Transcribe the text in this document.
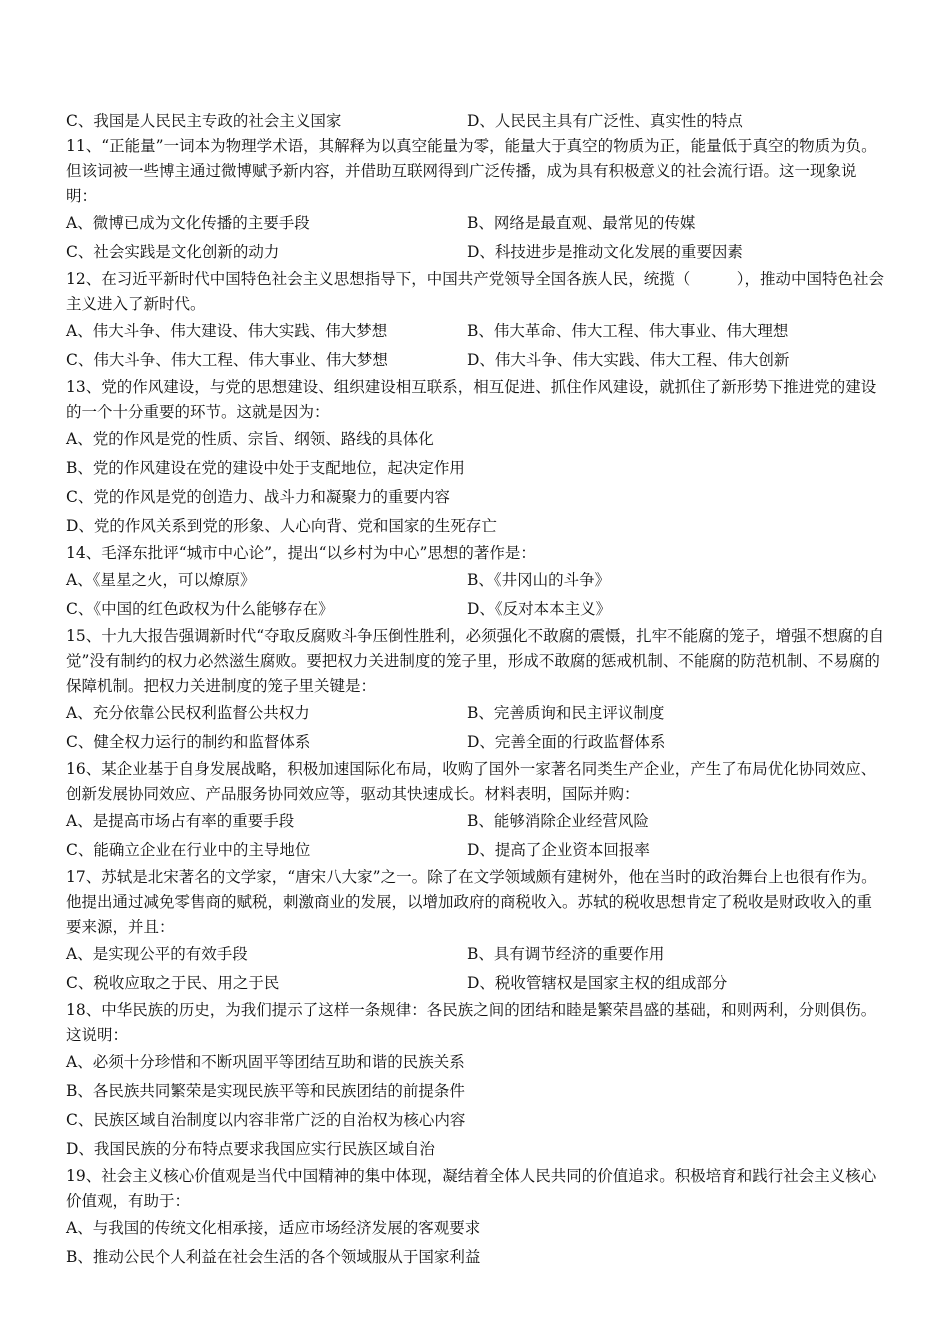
C、我国是人民民主专政的社会主义国家	D、人民民主具有广泛性、真实性的特点

11、“正能量”一词本为物理学术语，其解释为以真空能量为零，能量大于真空的物质为正，能量低于真空的物质为负。但该词被一些博主通过微博赋予新内容，并借助互联网得到广泛传播，成为具有积极意义的社会流行语。这一现象说明：

A、微博已成为文化传播的主要手段	B、网络是最直观、最常见的传媒
C、社会实践是文化创新的动力	D、科技进步是推动文化发展的重要因素

12、在习近平新时代中国特色社会主义思想指导下，中国共产党领导全国各族人民，统揽（　　　），推动中国特色社会主义进入了新时代。

A、伟大斗争、伟大建设、伟大实践、伟大梦想	B、伟大革命、伟大工程、伟大事业、伟大理想
C、伟大斗争、伟大工程、伟大事业、伟大梦想	D、伟大斗争、伟大实践、伟大工程、伟大创新

13、党的作风建设，与党的思想建设、组织建设相互联系，相互促进、抓住作风建设，就抓住了新形势下推进党的建设的一个十分重要的环节。这就是因为：

A、党的作风是党的性质、宗旨、纲领、路线的具体化
B、党的作风建设在党的建设中处于支配地位，起决定作用
C、党的作风是党的创造力、战斗力和凝聚力的重要内容
D、党的作风关系到党的形象、人心向背、党和国家的生死存亡

14、毛泽东批评“城市中心论”，提出“以乡村为中心”思想的著作是：

A、《星星之火，可以燎原》	B、《井冈山的斗争》
C、《中国的红色政权为什么能够存在》	D、《反对本本主义》

15、十九大报告强调新时代“夺取反腐败斗争压倒性胜利，必须强化不敢腐的震慑，扎牢不能腐的笼子，增强不想腐的自觉”没有制约的权力必然滋生腐败。要把权力关进制度的笼子里，形成不敢腐的惩戒机制、不能腐的防范机制、不易腐的保障机制。把权力关进制度的笼子里关键是：

A、充分依靠公民权利监督公共权力	B、完善质询和民主评议制度
C、健全权力运行的制约和监督体系	D、完善全面的行政监督体系

16、某企业基于自身发展战略，积极加速国际化布局，收购了国外一家著名同类生产企业，产生了布局优化协同效应、创新发展协同效应、产品服务协同效应等，驱动其快速成长。材料表明，国际并购：

A、是提高市场占有率的重要手段	B、能够消除企业经营风险
C、能确立企业在行业中的主导地位	D、提高了企业资本回报率

17、苏轼是北宋著名的文学家，“唐宋八大家”之一。除了在文学领域颇有建树外，他在当时的政治舞台上也很有作为。他提出通过减免零售商的赋税，刺激商业的发展，以增加政府的商税收入。苏轼的税收思想肯定了税收是财政收入的重要来源，并且：

A、是实现公平的有效手段	B、具有调节经济的重要作用
C、税收应取之于民、用之于民	D、税收管辖权是国家主权的组成部分

18、中华民族的历史，为我们提示了这样一条规律：各民族之间的团结和睦是繁荣昌盛的基础，和则两利，分则俱伤。这说明：

A、必须十分珍惜和不断巩固平等团结互助和谐的民族关系
B、各民族共同繁荣是实现民族平等和民族团结的前提条件
C、民族区域自治制度以内容非常广泛的自治权为核心内容
D、我国民族的分布特点要求我国应实行民族区域自治

19、社会主义核心价值观是当代中国精神的集中体现，凝结着全体人民共同的价值追求。积极培育和践行社会主义核心价值观，有助于：

A、与我国的传统文化相承接，适应市场经济发展的客观要求
B、推动公民个人利益在社会生活的各个领域服从于国家利益
